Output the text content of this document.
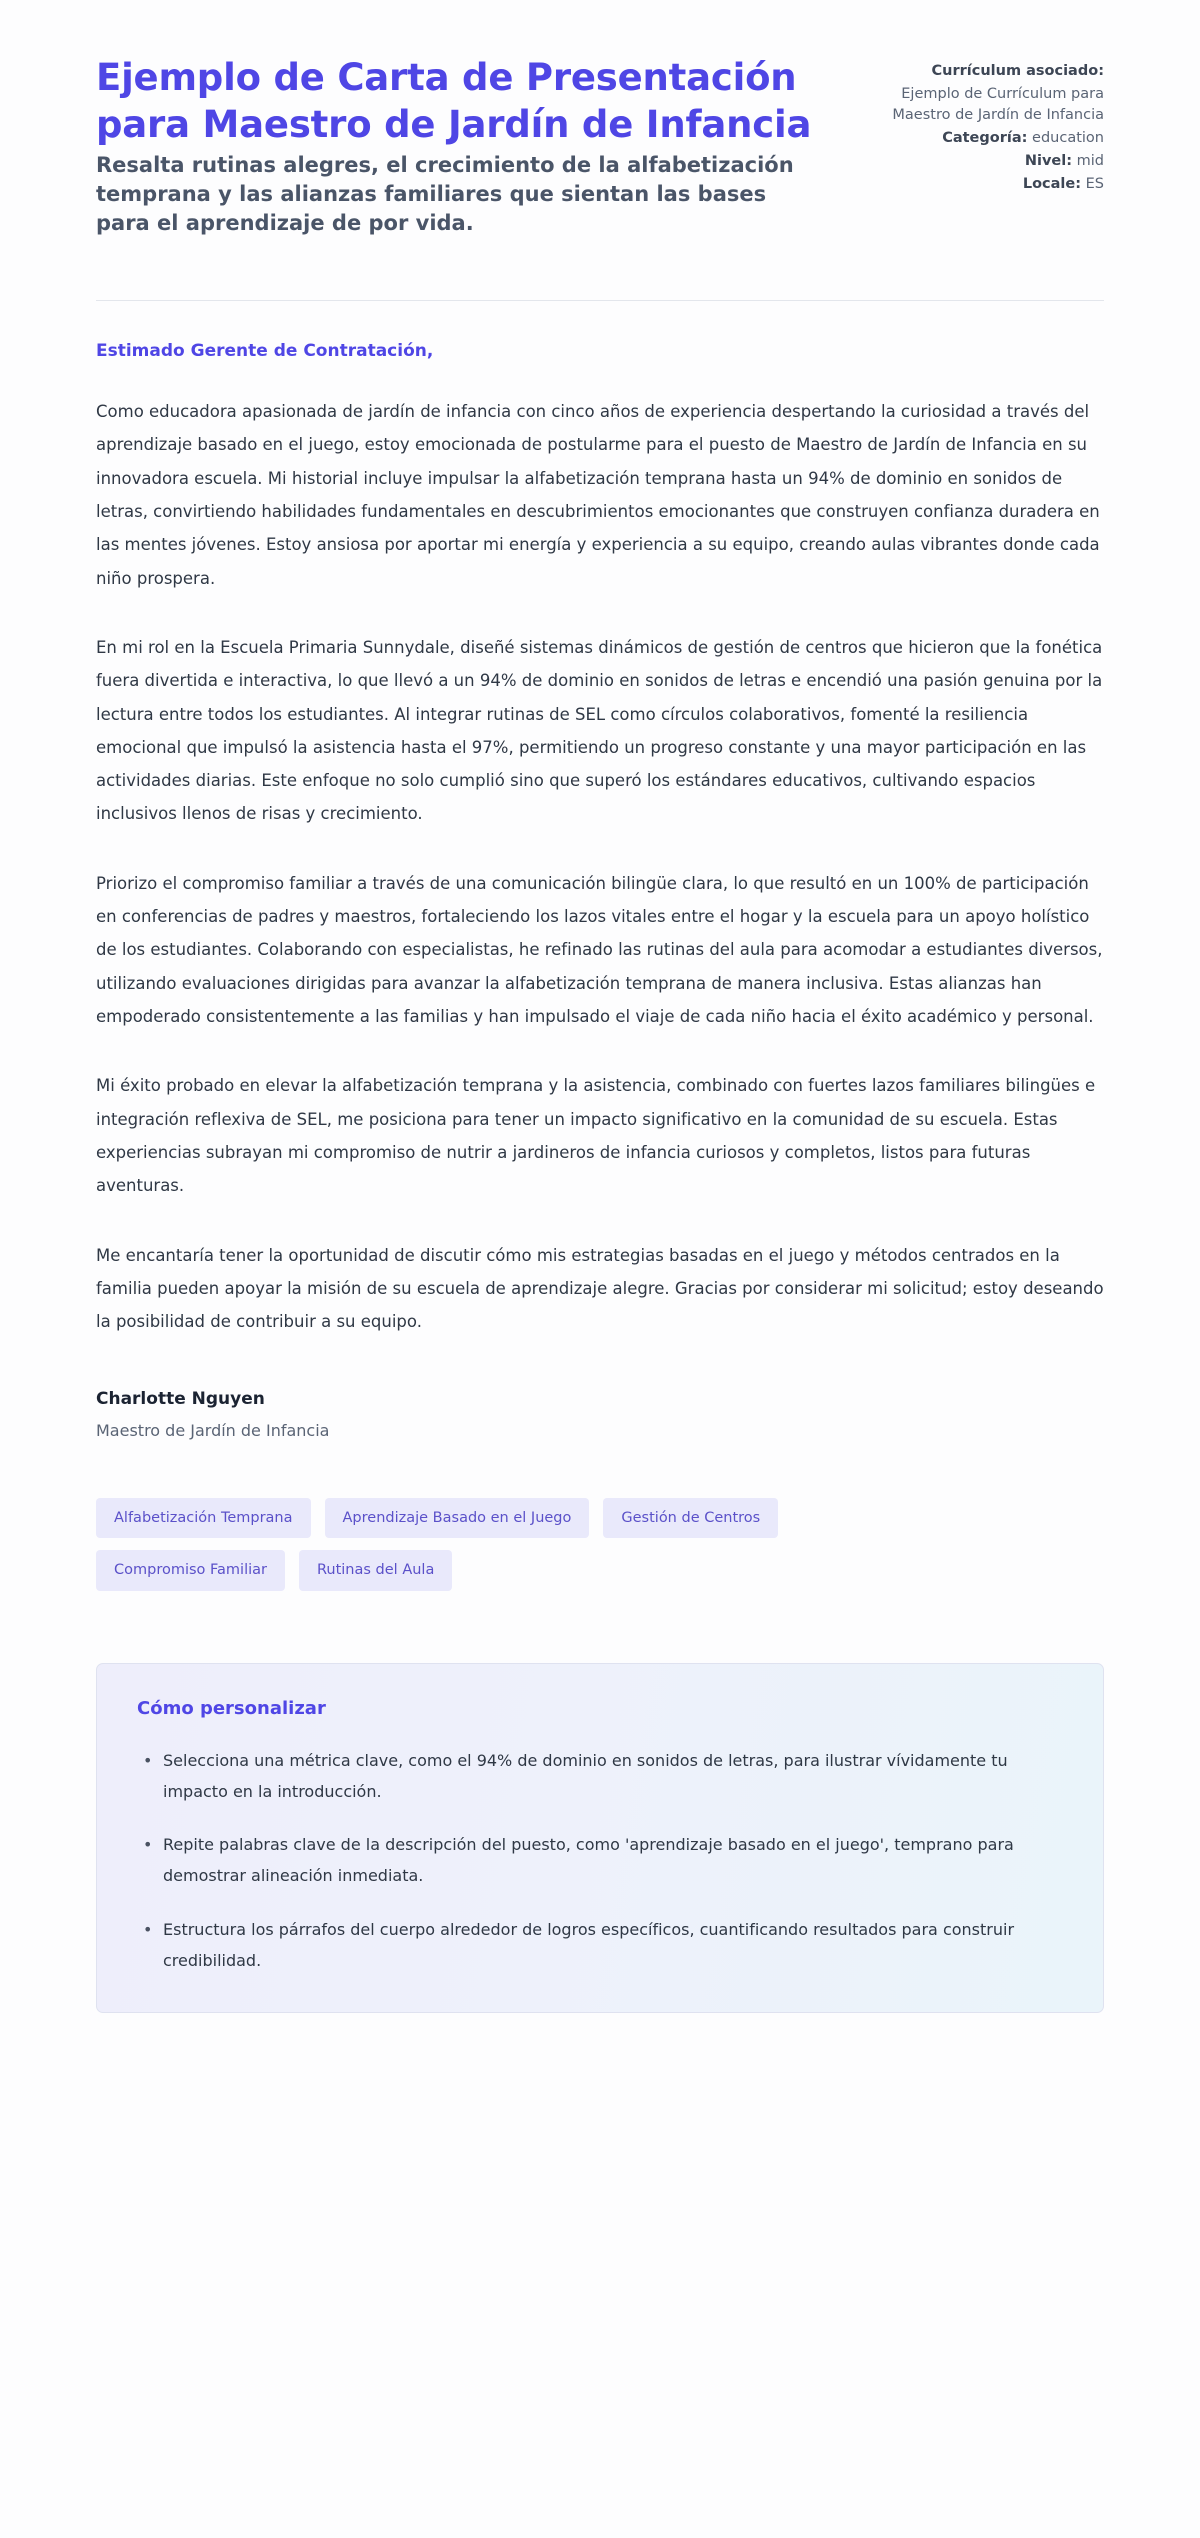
Ejemplo de Carta de Presentación para Maestro de Jardín de Infancia

Resalta rutinas alegres, el crecimiento de la alfabetización temprana y las alianzas familiares que sientan las bases para el aprendizaje de por vida.

Currículum asociado:
Ejemplo de Currículum para Maestro de Jardín de Infancia
Categoría: education
Nivel: mid
Locale: ES

Estimado Gerente de Contratación,

Como educadora apasionada de jardín de infancia con cinco años de experiencia despertando la curiosidad a través del aprendizaje basado en el juego, estoy emocionada de postularme para el puesto de Maestro de Jardín de Infancia en su innovadora escuela. Mi historial incluye impulsar la alfabetización temprana hasta un 94% de dominio en sonidos de letras, convirtiendo habilidades fundamentales en descubrimientos emocionantes que construyen confianza duradera en las mentes jóvenes. Estoy ansiosa por aportar mi energía y experiencia a su equipo, creando aulas vibrantes donde cada niño prospera.

En mi rol en la Escuela Primaria Sunnydale, diseñé sistemas dinámicos de gestión de centros que hicieron que la fonética fuera divertida e interactiva, lo que llevó a un 94% de dominio en sonidos de letras e encendió una pasión genuina por la lectura entre todos los estudiantes. Al integrar rutinas de SEL como círculos colaborativos, fomenté la resiliencia emocional que impulsó la asistencia hasta el 97%, permitiendo un progreso constante y una mayor participación en las actividades diarias. Este enfoque no solo cumplió sino que superó los estándares educativos, cultivando espacios inclusivos llenos de risas y crecimiento.

Priorizo el compromiso familiar a través de una comunicación bilingüe clara, lo que resultó en un 100% de participación en conferencias de padres y maestros, fortaleciendo los lazos vitales entre el hogar y la escuela para un apoyo holístico de los estudiantes. Colaborando con especialistas, he refinado las rutinas del aula para acomodar a estudiantes diversos, utilizando evaluaciones dirigidas para avanzar la alfabetización temprana de manera inclusiva. Estas alianzas han empoderado consistentemente a las familias y han impulsado el viaje de cada niño hacia el éxito académico y personal.

Mi éxito probado en elevar la alfabetización temprana y la asistencia, combinado con fuertes lazos familiares bilingües e integración reflexiva de SEL, me posiciona para tener un impacto significativo en la comunidad de su escuela. Estas experiencias subrayan mi compromiso de nutrir a jardineros de infancia curiosos y completos, listos para futuras aventuras.

Me encantaría tener la oportunidad de discutir cómo mis estrategias basadas en el juego y métodos centrados en la familia pueden apoyar la misión de su escuela de aprendizaje alegre. Gracias por considerar mi solicitud; estoy deseando la posibilidad de contribuir a su equipo.

Charlotte Nguyen

Maestro de Jardín de Infancia

Alfabetización Temprana	Aprendizaje Basado en el Juego	Gestión de Centros
Compromiso Familiar	Rutinas del Aula

Cómo personalizar

• Selecciona una métrica clave, como el 94% de dominio en sonidos de letras, para ilustrar vívidamente tu impacto en la introducción.
• Repite palabras clave de la descripción del puesto, como 'aprendizaje basado en el juego', temprano para demostrar alineación inmediata.
• Estructura los párrafos del cuerpo alrededor de logros específicos, cuantificando resultados para construir credibilidad.
